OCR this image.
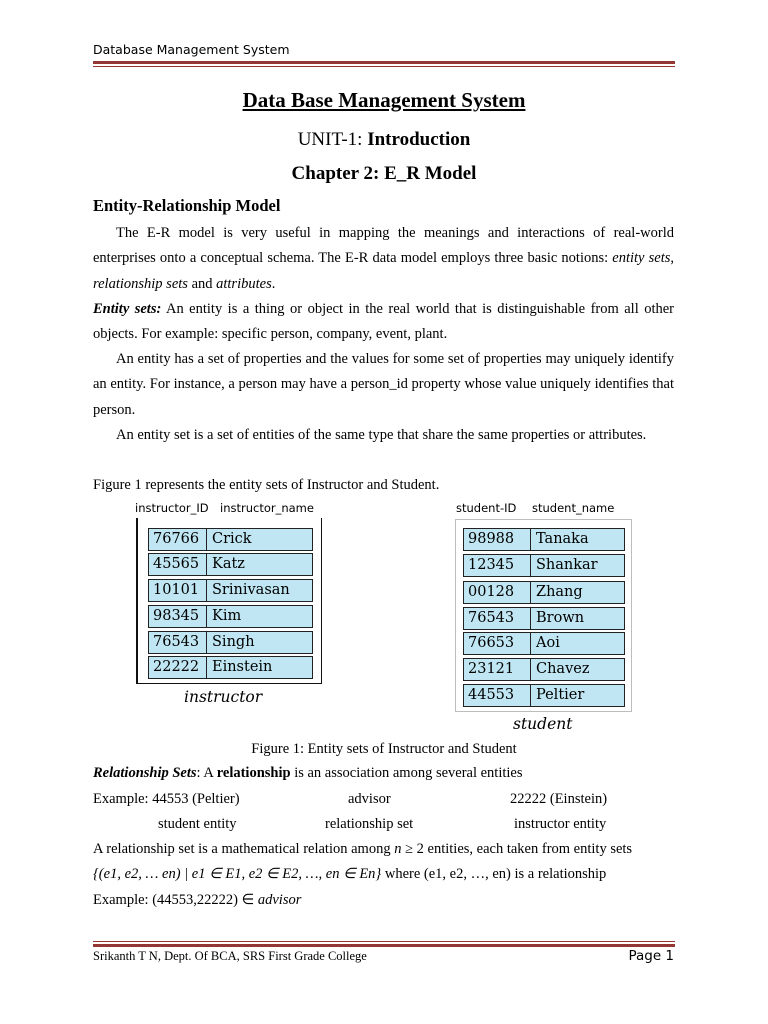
Database Management System
Data Base Management System
UNIT-1: Introduction
Chapter 2: E_R Model
Entity-Relationship Model
The E-R model is very useful in mapping the meanings and interactions of real-world enterprises onto a conceptual schema. The E-R data model employs three basic notions: entity sets, relationship sets and attributes.
Entity sets: An entity is a thing or object in the real world that is distinguishable from all other objects. For example: specific person, company, event, plant.
An entity has a set of properties and the values for some set of properties may uniquely identify an entity. For instance, a person may have a person_id property whose value uniquely identifies that person.
An entity set is a set of entities of the same type that share the same properties or attributes.
Figure 1 represents the entity sets of Instructor and Student.
instructor_ID instructor_name
76766 Crick
45565 Katz
10101 Srinivasan
98345 Kim
76543 Singh
22222 Einstein
instructor
student-ID student_name
98988	Tanaka
12345	Shankar
00128	Zhang
76543	Brown
76653	Aoi
23121	Chavez
44553	Peltier
student
Figure 1: Entity sets of Instructor and Student
Relationship Sets: A relationship is an association among several entities
Example: 44553 (Peltier)	advisor	22222 (Einstein)
student entity	relationship set	instructor entity
A relationship set is a mathematical relation among n ≥ 2 entities, each taken from entity sets
{(e1, e2, … en) | e1 ∈ E1, e2 ∈ E2, …, en ∈ En} where (e1, e2, …, en) is a relationship
Example: (44553,22222) ∈ advisor
Srikanth T N, Dept. Of BCA, SRS First Grade College	Page 1
